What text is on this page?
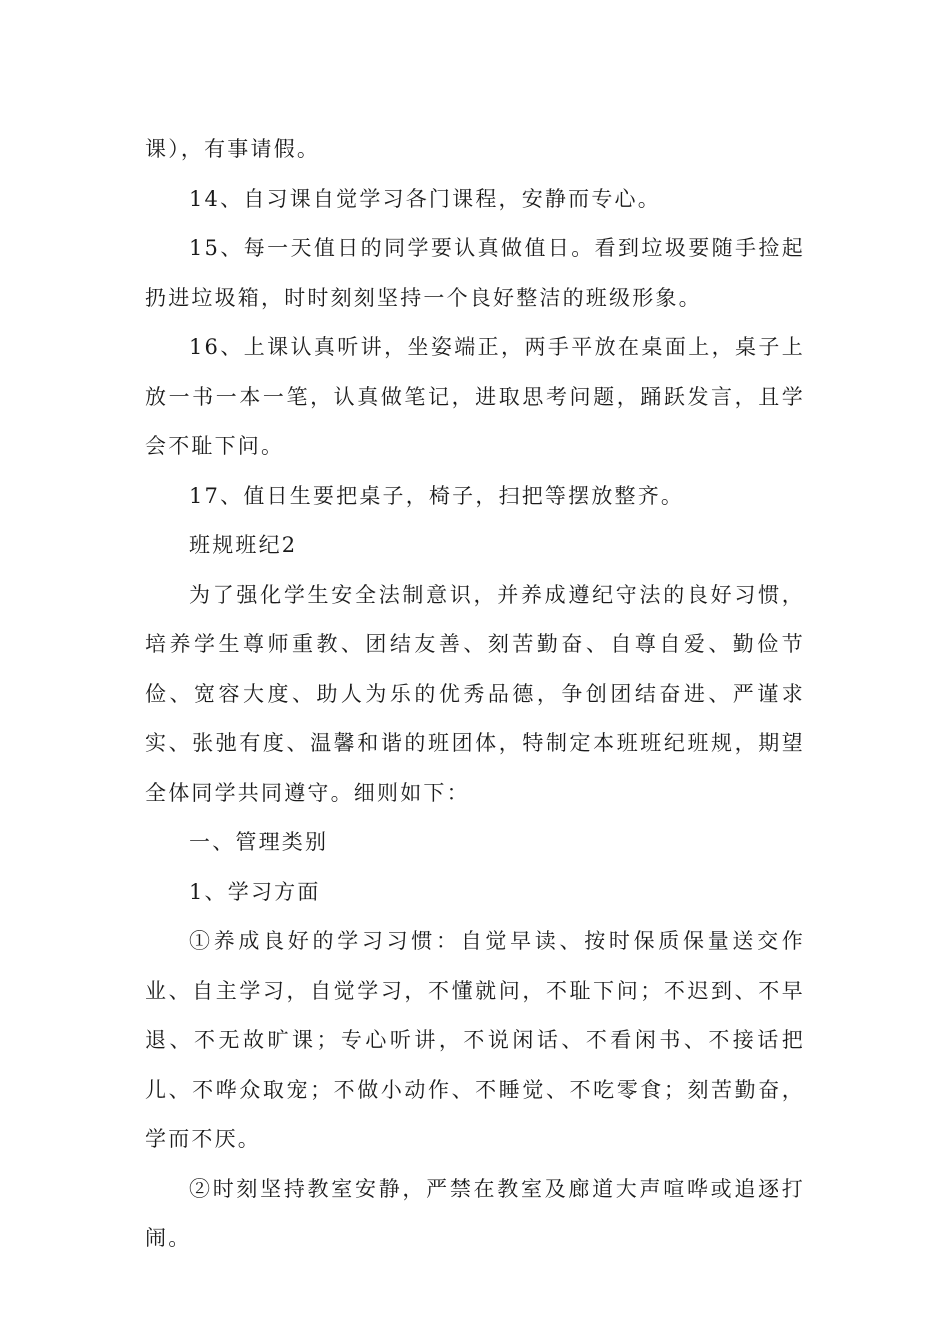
课），有事请假。

14、自习课自觉学习各门课程，安静而专心。

15、每一天值日的同学要认真做值日。看到垃圾要随手捡起扔进垃圾箱，时时刻刻坚持一个良好整洁的班级形象。

16、上课认真听讲，坐姿端正，两手平放在桌面上，桌子上放一书一本一笔，认真做笔记，进取思考问题，踊跃发言，且学会不耻下问。

17、值日生要把桌子，椅子，扫把等摆放整齐。

班规班纪2

为了强化学生安全法制意识，并养成遵纪守法的良好习惯，培养学生尊师重教、团结友善、刻苦勤奋、自尊自爱、勤俭节俭、宽容大度、助人为乐的优秀品德，争创团结奋进、严谨求实、张弛有度、温馨和谐的班团体，特制定本班班纪班规，期望全体同学共同遵守。细则如下：

一、管理类别

1、学习方面

①养成良好的学习习惯：自觉早读、按时保质保量送交作业、自主学习，自觉学习，不懂就问，不耻下问；不迟到、不早退、不无故旷课；专心听讲，不说闲话、不看闲书、不接话把儿、不哗众取宠；不做小动作、不睡觉、不吃零食；刻苦勤奋，学而不厌。

②时刻坚持教室安静，严禁在教室及廊道大声喧哗或追逐打闹。
